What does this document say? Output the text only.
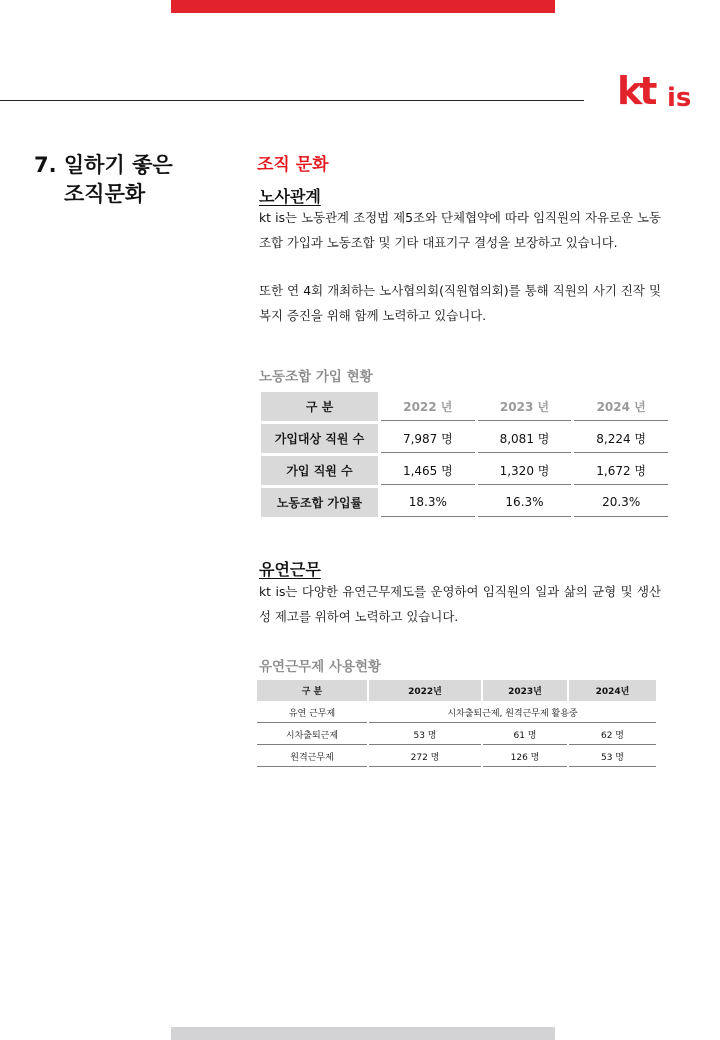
kt is
7. 일하기 좋은
조직문화
조직 문화
노사관계

kt is는 노동관계 조정법 제5조와 단체협약에 따라 임직원의 자유로운 노동조합 가입과 노동조합 및 기타 대표기구 결성을 보장하고 있습니다.

또한 연 4회 개최하는 노사협의회(직원협의회)를 통해 직원의 사기 진작 및 복지 증진을 위해 함께 노력하고 있습니다.

노동조합 가입 현황
구 분	2022 년	2023 년	2024 년
가입대상 직원 수	7,987 명	8,081 명	8,224 명
가입 직원 수	1,465 명	1,320 명	1,672 명
노동조합 가입률	18.3%	16.3%	20.3%
유연근무

kt is는 다양한 유연근무제도를 운영하여 임직원의 일과 삶의 균형 및 생산성 제고를 위하여 노력하고 있습니다.

유연근무제 사용현황
구 분	2022년	2023년	2024년
유연 근무제	시차출퇴근제, 원격근무제 활용중		
시차출퇴근제	53 명	61 명	62 명
원격근무제	272 명	126 명	53 명
